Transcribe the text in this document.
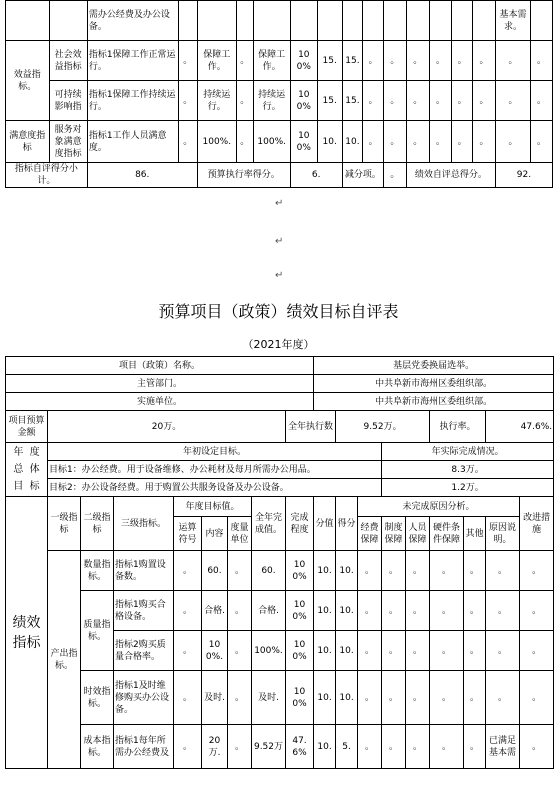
		需办公经费及办公设备。														基本需求。	
效益指标。	社会效益指标	指标1保障工作正常运行。	。	保障工作。	。	保障工作。	100%	15.	15.	。	。	。	。	。	。	。	。
	可持续影响指	指标1保障工作持续运行。	。	持续运行。	。	持续运行。	100%	15.	15.	。	。	。	。	。	。	。	。
满意度指标	服务对象满意度指标	指标1工作人员满意度。	。	100%.	。	100%.	100%	10.	10.	。	。	。	。	。	。	。	。
指标自评得分小计。		86.		预算执行率得分。			6.		减分项。		。	绩效自评总得分。				92.	
↵
↵
↵
预算项目（政策）绩效目标自评表
（2021年度）
项目（政策）名称。									基层党委换届选举。								
主管部门。									中共阜新市海州区委组织部。								
实施单位。									中共阜新市海州区委组织部。								
项目预算金额	20万。							全年执行数		9.52万。				执行率。		47.6%.	
年 度
总 体
目 标	年初设定目标。											年实际完成情况。					
	目标1：办公经费。用于设备维修、办公耗材及每月所需办公用品。											8.3万。					
	目标2：办公设备经费。用于购置公共服务设备及办公设备。											1.2万。					
绩效指标	一级指标	二级指标	三级指标。	年度目标值。			全年完成值。	完成程度	分值	得分	未完成原因分析。						改进措施
				运算符号	内容	度量单位					经费保障	制度保障	人员保障	硬件条件保障	其他	原因说明。	
	产出指标。	数量指标。	指标1购置设备数。	。	60.	。	60.	100%	10.	10.	。	。	。	。	。	。	。
		质量指标。	指标1购买合格设备。	。	合格.	。	合格.	100%	10.	10.	。	。	。	。	。	。	。
			指标2购买质量合格率。	。	100%.	。	100%.	100%	10.	10.	。	。	。	。	。	。	。
		时效指标。	指标1及时维修购买办公设备。	。	及时.	。	及时.	100%	10.	10.	。	。	。	。	。	。	。
		成本指标。	指标1每年所需办公经费及	。	20万.	。	9.52万	47.6%	10.	5.	。	。	。	。	。	已满足基本需	。
